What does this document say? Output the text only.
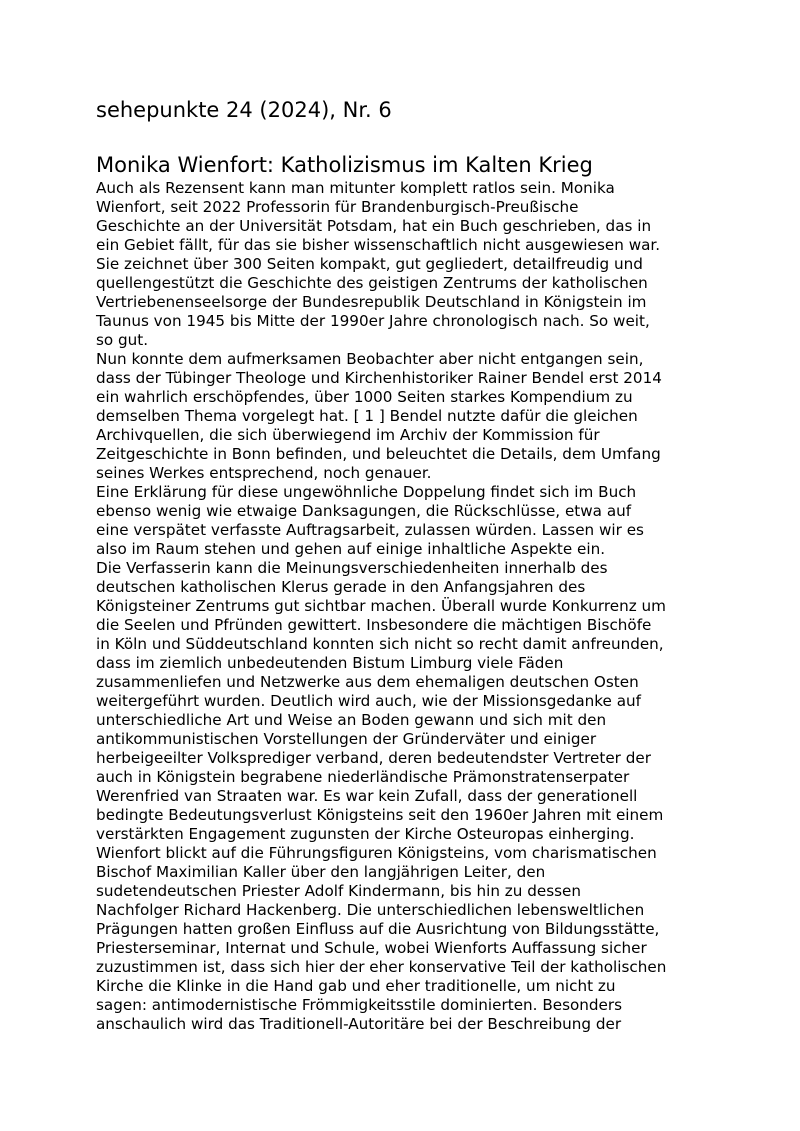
sehepunkte 24 (2024), Nr. 6
Monika Wienfort: Katholizismus im Kalten Krieg

Auch als Rezensent kann man mitunter komplett ratlos sein. Monika
Wienfort, seit 2022 Professorin für Brandenburgisch-Preußische
Geschichte an der Universität Potsdam, hat ein Buch geschrieben, das in
ein Gebiet fällt, für das sie bisher wissenschaftlich nicht ausgewiesen war.
Sie zeichnet über 300 Seiten kompakt, gut gegliedert, detailfreudig und
quellengestützt die Geschichte des geistigen Zentrums der katholischen
Vertriebenenseelsorge der Bundesrepublik Deutschland in Königstein im
Taunus von 1945 bis Mitte der 1990er Jahre chronologisch nach. So weit,
so gut.

Nun konnte dem aufmerksamen Beobachter aber nicht entgangen sein,
dass der Tübinger Theologe und Kirchenhistoriker Rainer Bendel erst 2014
ein wahrlich erschöpfendes, über 1000 Seiten starkes Kompendium zu
demselben Thema vorgelegt hat. [ 1 ] Bendel nutzte dafür die gleichen
Archivquellen, die sich überwiegend im Archiv der Kommission für
Zeitgeschichte in Bonn befinden, und beleuchtet die Details, dem Umfang
seines Werkes entsprechend, noch genauer.

Eine Erklärung für diese ungewöhnliche Doppelung findet sich im Buch
ebenso wenig wie etwaige Danksagungen, die Rückschlüsse, etwa auf
eine verspätet verfasste Auftragsarbeit, zulassen würden. Lassen wir es
also im Raum stehen und gehen auf einige inhaltliche Aspekte ein.

Die Verfasserin kann die Meinungsverschiedenheiten innerhalb des
deutschen katholischen Klerus gerade in den Anfangsjahren des
Königsteiner Zentrums gut sichtbar machen. Überall wurde Konkurrenz um
die Seelen und Pfründen gewittert. Insbesondere die mächtigen Bischöfe
in Köln und Süddeutschland konnten sich nicht so recht damit anfreunden,
dass im ziemlich unbedeutenden Bistum Limburg viele Fäden
zusammenliefen und Netzwerke aus dem ehemaligen deutschen Osten
weitergeführt wurden. Deutlich wird auch, wie der Missionsgedanke auf
unterschiedliche Art und Weise an Boden gewann und sich mit den
antikommunistischen Vorstellungen der Gründerväter und einiger
herbeigeeilter Volksprediger verband, deren bedeutendster Vertreter der
auch in Königstein begrabene niederländische Prämonstratenserpater
Werenfried van Straaten war. Es war kein Zufall, dass der generationell
bedingte Bedeutungsverlust Königsteins seit den 1960er Jahren mit einem
verstärkten Engagement zugunsten der Kirche Osteuropas einherging.
Wienfort blickt auf die Führungsfiguren Königsteins, vom charismatischen
Bischof Maximilian Kaller über den langjährigen Leiter, den
sudetendeutschen Priester Adolf Kindermann, bis hin zu dessen
Nachfolger Richard Hackenberg. Die unterschiedlichen lebensweltlichen
Prägungen hatten großen Einfluss auf die Ausrichtung von Bildungsstätte,
Priesterseminar, Internat und Schule, wobei Wienforts Auffassung sicher
zuzustimmen ist, dass sich hier der eher konservative Teil der katholischen
Kirche die Klinke in die Hand gab und eher traditionelle, um nicht zu
sagen: antimodernistische Frömmigkeitsstile dominierten. Besonders
anschaulich wird das Traditionell-Autoritäre bei der Beschreibung der
